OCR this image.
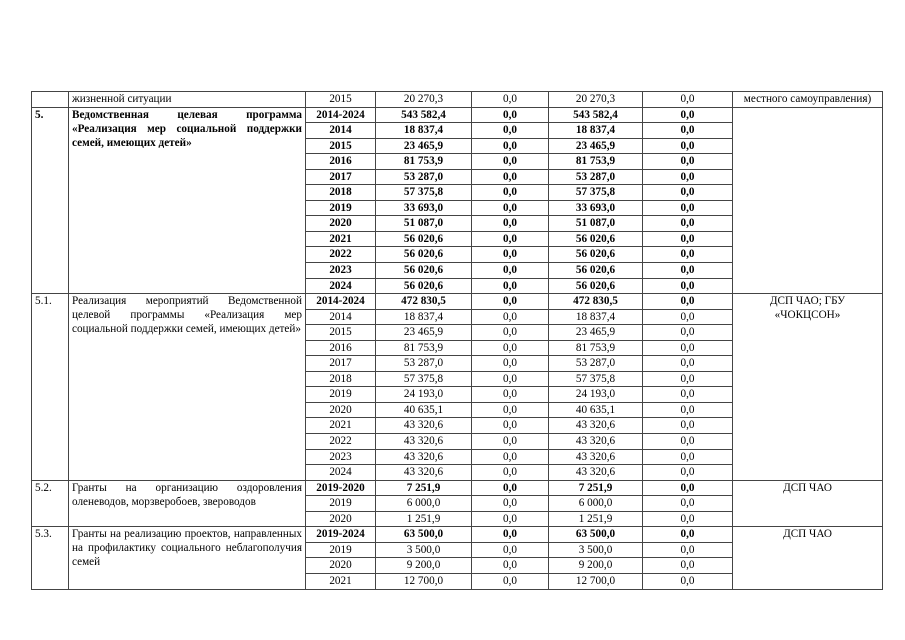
	жизненной ситуации	2015	20 270,3	0,0	20 270,3	0,0	местного самоуправления)
5.	Ведомственная целевая программа «Реализация мер социальной поддержки семей, имеющих детей»	2014-2024	543 582,4	0,0	543 582,4	0,0	
		2014	18 837,4	0,0	18 837,4	0,0	
		2015	23 465,9	0,0	23 465,9	0,0	
		2016	81 753,9	0,0	81 753,9	0,0	
		2017	53 287,0	0,0	53 287,0	0,0	
		2018	57 375,8	0,0	57 375,8	0,0	
		2019	33 693,0	0,0	33 693,0	0,0	
		2020	51 087,0	0,0	51 087,0	0,0	
		2021	56 020,6	0,0	56 020,6	0,0	
		2022	56 020,6	0,0	56 020,6	0,0	
		2023	56 020,6	0,0	56 020,6	0,0	
		2024	56 020,6	0,0	56 020,6	0,0	
5.1.	Реализация мероприятий Ведомственной целевой программы «Реализация мер социальной поддержки семей, имеющих детей»	2014-2024	472 830,5	0,0	472 830,5	0,0	ДСП ЧАО; ГБУ «ЧОКЦСОН»
		2014	18 837,4	0,0	18 837,4	0,0	
		2015	23 465,9	0,0	23 465,9	0,0	
		2016	81 753,9	0,0	81 753,9	0,0	
		2017	53 287,0	0,0	53 287,0	0,0	
		2018	57 375,8	0,0	57 375,8	0,0	
		2019	24 193,0	0,0	24 193,0	0,0	
		2020	40 635,1	0,0	40 635,1	0,0	
		2021	43 320,6	0,0	43 320,6	0,0	
		2022	43 320,6	0,0	43 320,6	0,0	
		2023	43 320,6	0,0	43 320,6	0,0	
		2024	43 320,6	0,0	43 320,6	0,0	
5.2.	Гранты на организацию оздоровления оленеводов, морзверобоев, звероводов	2019-2020	7 251,9	0,0	7 251,9	0,0	ДСП ЧАО
		2019	6 000,0	0,0	6 000,0	0,0	
		2020	1 251,9	0,0	1 251,9	0,0	
5.3.	Гранты на реализацию проектов, направленных на профилактику социального неблагополучия семей	2019-2024	63 500,0	0,0	63 500,0	0,0	ДСП ЧАО
		2019	3 500,0	0,0	3 500,0	0,0	
		2020	9 200,0	0,0	9 200,0	0,0	
		2021	12 700,0	0,0	12 700,0	0,0	
